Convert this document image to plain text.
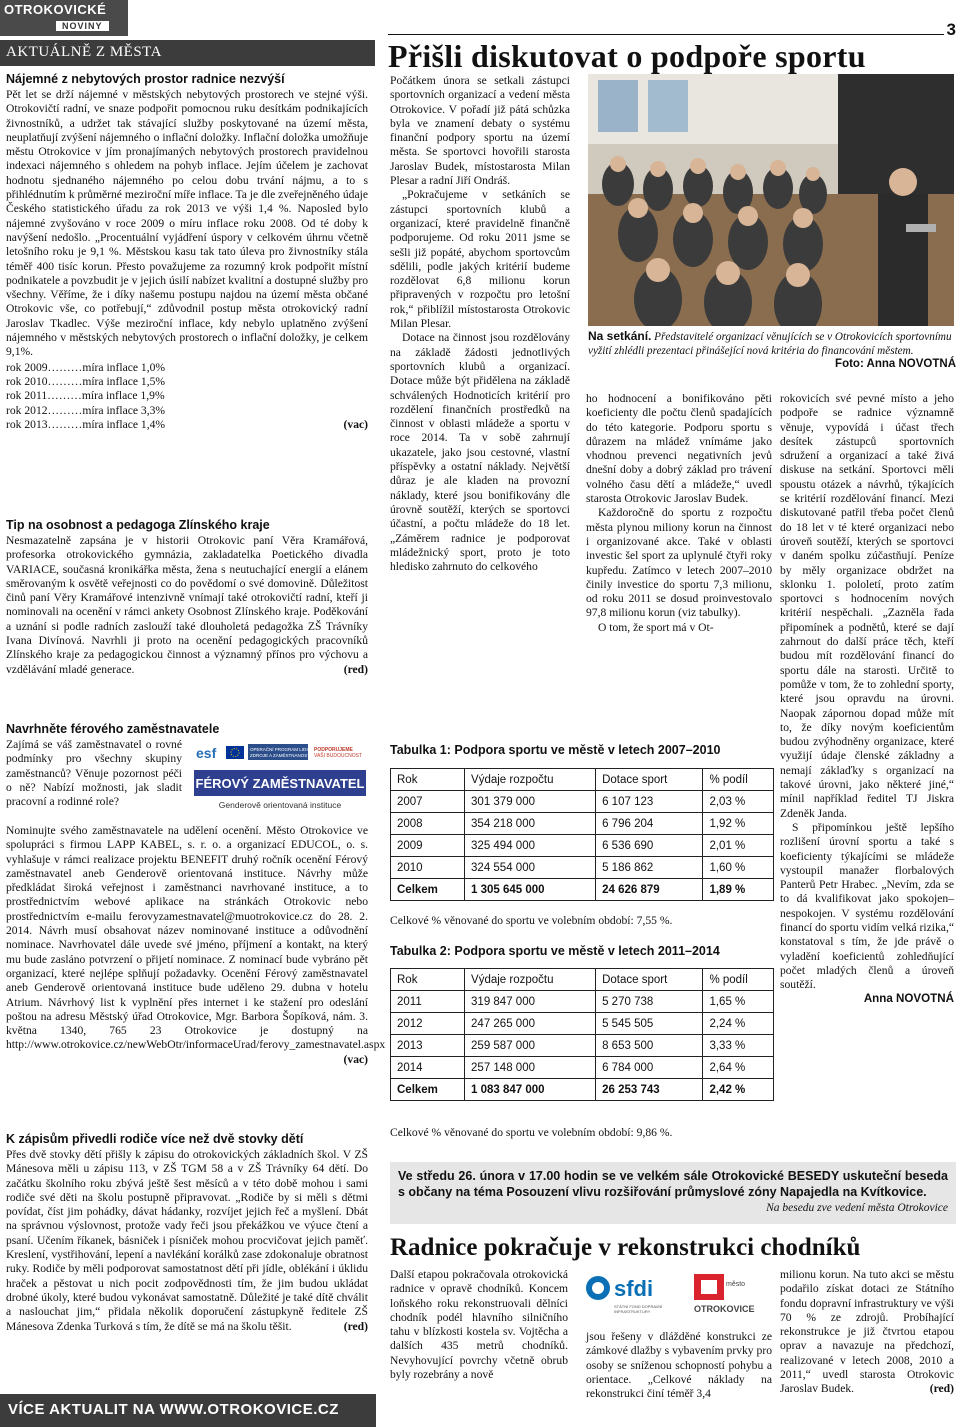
OTROKOVICKÉ
NOVINY
AKTUÁLNĚ Z MĚSTA
3
Přišli diskutovat o podpoře sportu
Nájemné z nebytových prostor radnice nezvýší

Pět let se drží nájemné v městských nebytových prostorech ve stejné výši. Otrokovičtí radní, ve snaze podpořit pomocnou ruku desítkám podnikajících živnostníků, a udržet tak stávající služby poskytované na území města, neuplatňují zvýšení nájemného o inflační doložky. Inflační doložka umožňuje městu Otrokovice v jím pronajímaných nebytových prostorech pravidelnou indexaci nájemného s ohledem na pohyb inflace. Jejím účelem je zachovat hodnotu sjednaného nájemného po celou dobu trvání nájmu, a to s přihlédnutím k průměrné meziroční míře inflace. Ta je dle zveřejněného údaje Českého statistického úřadu za rok 2013 ve výši 1,4 %. Naposled bylo nájemné zvyšováno v roce 2009 o míru inflace roku 2008. Od té doby k navýšení nedošlo. „Procentuální vyjádření úspory v celkovém úhrnu včetně letošního roku je 9,1 %. Městskou kasu tak tato úleva pro živnostníky stála téměř 400 tisíc korun. Přesto považujeme za rozumný krok podpořit místní podnikatele a povzbudit je v jejich úsilí nabízet kvalitní a dostupné služby pro všechny. Věříme, že i díky našemu postupu najdou na území města občané Otrokovic vše, co potřebují,“ zdůvodnil postup města otrokovický radní Jaroslav Tkadlec. Výše meziroční inflace, kdy nebylo uplatněno zvýšení nájemného v městských nebytových prostorech o inflační doložky, je celkem 9,1%.

rok 2009………míra inflace 1,0%
rok 2010………míra inflace 1,5%
rok 2011………míra inflace 1,9%
rok 2012………míra inflace 3,3%
rok 2013………míra inflace 1,4%	(vac)
Tip na osobnost a pedagoga Zlínského kraje

Nesmazatelně zapsána je v historii Otrokovic paní Věra Kramářová, profesorka otrokovického gymnázia, zakladatelka Poetického divadla VARIACE, současná kronikářka města, žena s neutuchající energií a elánem směrovaným k osvětě veřejnosti co do povědomí o své domovině. Důležitost činů paní Věry Kramářové intenzivně vnímají také otrokovičtí radní, kteří ji nominovali na ocenění v rámci ankety Osobnost Zlínského kraje. Poděkování a uznání si podle radních zaslouží také dlouholetá pedagožka ZŠ Trávníky Ivana Divínová. Navrhli ji proto na ocenění pedagogických pracovníků Zlínského kraje za pedagogickou činnost a významný přínos pro výchovu a vzdělávání mladé generace.	(red)

Navrhněte férového zaměstnavatele

Zajímá se váš zaměstnavatel o rovné podmínky pro všechny skupiny zaměstnanců? Věnuje pozornost péči o ně? Nabízí možnosti, jak sladit pracovní a rodinné role?

esf	OPERAČNÍ PROGRAM LIDSKÉ
ZDROJE A ZAMĚSTNANOST
PODPORUJEME
VAŠI BUDOUCNOST
FÉROVÝ ZAMĚSTNAVATEL
Genderově orientovaná instituce

Nominujte svého zaměstnavatele na udělení ocenění. Město Otrokovice ve spolupráci s firmou LAPP KABEL, s. r. o. a organizací EDUCOL, o. s. vyhlašuje v rámci realizace projektu BENEFIT druhý ročník ocenění Férový zaměstnavatel aneb Genderově orientovaná instituce. Návrhy může předkládat široká veřejnost i zaměstnanci navrhované instituce, a to prostřednictvím webové aplikace na stránkách Otrokovic nebo prostřednictvím e-mailu ferovyzamestnavatel@muotrokovice.cz do 28. 2. 2014. Návrh musí obsahovat název nominované instituce a odůvodnění nominace. Navrhovatel dále uvede své jméno, příjmení a kontakt, na který mu bude zasláno potvrzení o přijetí nominace. Z nominací bude vybráno pět organizací, které nejlépe splňují požadavky. Ocenění Férový zaměstnavatel aneb Genderově orientovaná instituce bude uděleno 29. dubna v hotelu Atrium. Návrhový list k vyplnění přes internet i ke stažení pro odeslání poštou na adresu Městský úřad Otrokovice, Mgr. Barbora Šopíková, nám. 3. května 1340, 765 23 Otrokovice je dostupný na http://www.otrokovice.cz/newWebOtr/informaceUrad/ferovy_zamestnavatel.aspx
(vac)

K zápisům přivedli rodiče více než dvě stovky dětí

Přes dvě stovky dětí přišly k zápisu do otrokovických základních škol. V ZŠ Mánesova měli u zápisu 113, v ZŠ TGM 58 a v ZŠ Trávníky 64 dětí. Do začátku školního roku zbývá ještě šest měsíců a v této době mohou i sami rodiče své děti na školu postupně připravovat. „Rodiče by si měli s dětmi povídat, číst jim pohádky, dávat hádanky, rozvíjet jejich řeč a myšlení. Dbát na správnou výslovnost, protože vady řeči jsou překážkou ve výuce čtení a psaní. Učením říkanek, básniček i písniček mohou procvičovat jejich paměť. Kreslení, vystřihování, lepení a navlékání korálků zase zdokonaluje obratnost ruky. Rodiče by měli podporovat samostatnost dětí při jídle, oblékání i úklidu hraček a pěstovat u nich pocit zodpovědnosti tím, že jim budou ukládat drobné úkoly, které budou vykonávat samostatně. Důležité je také dítě chválit a naslouchat jim,“ přidala několik doporučení zástupkyně ředitele ZŠ Mánesova Zdenka Turková s tím, že dítě se má na školu těšit.	(red)

VÍCE AKTUALIT NA WWW.OTROKOVICE.CZ

Počátkem února se setkali zástupci sportovních organizací a vedení města Otrokovice. V pořadí již pátá schůzka byla ve znamení debaty o systému finanční podpory sportu na území města. Se sportovci hovořili starosta Jaroslav Budek, místostarosta Milan Plesar a radní Jiří Ondráš.

„Pokračujeme v setkáních se zástupci sportovních klubů a organizací, které pravidelně finančně podporujeme. Od roku 2011 jsme se sešli již popáté, abychom sportovcům sdělili, podle jakých kritérií budeme rozdělovat 6,8 milionu korun připravených v rozpočtu pro letošní rok,“ přiblížil místostarosta Otrokovic Milan Plesar.

Dotace na činnost jsou rozdělovány na základě žádosti jednotlivých sportovních klubů a organizací. Dotace může být přidělena na základě schválených Hodnoticích kritérií pro rozdělení finančních prostředků na činnost v oblasti mládeže a sportu v roce 2014. Ta v sobě zahrnují ukazatele, jako jsou cestovné, vlastní příspěvky a ostatní náklady. Největší důraz je ale kladen na provozní náklady, které jsou bonifikovány dle úrovně soutěží, kterých se sportovci účastní, a počtu mládeže do 18 let. „Záměrem radnice je podporovat mládežnický sport, proto je toto hledisko zahrnuto do celkového

Na setkání. Představitelé organizací věnujících se v Otrokovicích sportovnímu vyžití zhlédli prezentaci přinášející nová kritéria do financování městem.
Foto: Anna NOVOTNÁ

ho hodnocení a bonifikováno pěti koeficienty dle počtu členů spadajících do této kategorie. Podporu sportu s důrazem na mládež vnímáme jako vhodnou prevenci negativních jevů dnešní doby a dobrý základ pro trávení volného času dětí a mládeže,“ uvedl starosta Otrokovic Jaroslav Budek.

Každoročně do sportu z rozpočtu města plynou miliony korun na činnost i organizované akce. Také v oblasti investic šel sport za uplynulé čtyři roky kupředu. Zatímco v letech 2007–2010 činily investice do sportu 7,3 milionu, od roku 2011 se dosud proinvestovalo 97,8 milionu korun (viz tabulky).

O tom, že sport má v Ot-

rokovicích své pevné místo a jeho podpoře se radnice významně věnuje, vypovídá i účast třech desítek zástupců sportovních sdružení a organizací a také živá diskuse na setkání. Sportovci měli spoustu otázek a návrhů, týkajících se kritérií rozdělování financí. Mezi diskutované patřil třeba počet členů do 18 let v té které organizaci nebo úroveň soutěží, kterých se sportovci v daném spolku zúčastňují. Peníze by měly organizace obdržet na sklonku 1. pololetí, proto zatím sportovci s hodnocením nových kritérií nespěchali. „Zazněla řada připomínek a podnětů, které se dají zahrnout do další práce těch, kteří budou mít rozdělování financí do sportu dále na starosti. Určitě to pomůže v tom, že to zohlední sporty, které jsou opravdu na úrovni. Naopak zápornou dopad může mít to, že díky novým koeficientům budou zvýhodněny organizace, které využijí údaje členské základny a nemají záklaďky s organizací na takové úrovni, jako některé jiné,“ mínil například ředitel TJ Jiskra Zdeněk Janda.

S připomínkou ještě lepšího rozlišení úrovní sportu a také s koeficienty týkajícími se mládeže vystoupil manažer florbalových Panterů Petr Hrabec. „Nevím, zda se to dá kvalifikovat jako spokojen–nespokojen. V systému rozdělování financí do sportu vidím velká rizika,“ konstatoval s tím, že jde právě o vyladění koeficientů zohledňující počet mladých členů a úroveň soutěží.

Anna NOVOTNÁ
Tabulka 1: Podpora sportu ve městě v letech 2007–2010
Rok	Výdaje rozpočtu	Dotace sport	% podíl
2007	301 379 000	6 107 123	2,03 %
2008	354 218 000	6 796 204	1,92 %
2009	325 494 000	6 536 690	2,01 %
2010	324 554 000	5 186 862	1,60 %
Celkem	1 305 645 000	24 626 879	1,89 %
Celkové % věnované do sportu ve volebním období: 7,55 %.
Tabulka 2: Podpora sportu ve městě v letech 2011–2014
Rok	Výdaje rozpočtu	Dotace sport	% podíl
2011	319 847 000	5 270 738	1,65 %
2012	247 265 000	5 545 505	2,24 %
2013	259 587 000	8 653 500	3,33 %
2014	257 148 000	6 784 000	2,64 %
Celkem	1 083 847 000	26 253 743	2,42 %
Celkové % věnované do sportu ve volebním období: 9,86 %.
Ve středu 26. února v 17.00 hodin se ve velkém sále Otrokovické BESEDY uskuteční beseda s občany na téma Posouzení vlivu rozšiřování průmyslové zóny Napajedla na Kvítkovice.
Na besedu zve vedení města Otrokovice
Radnice pokračuje v rekonstrukci chodníků

Další etapou pokračovala otrokovická radnice v opravě chodníků. Koncem loňského roku rekonstruovali dělníci chodník podél hlavního silničního tahu v blízkosti kostela sv. Vojtěcha a dalších 435 metrů chodníků. Nevyhovující povrchy včetně obrub byly rozebrány a nově

sfdi
STÁTNÍ FOND DOPRAVNÍ
INFRASTRUKTURY
město
OTROKOVICE

jsou řešeny v dlážděné konstrukci ze zámkové dlažby s vybavením prvky pro osoby se sníženou schopností pohybu a orientace. „Celkové náklady na rekonstrukci činí téměř 3,4

milionu korun. Na tuto akci se městu podařilo získat dotaci ze Státního fondu dopravní infrastruktury ve výši 70 % ze zdrojů. Probíhající rekonstrukce je již čtvrtou etapou oprav a navazuje na předchozí, realizované v letech 2008, 2010 a 2011,“ uvedl starosta Otrokovic Jaroslav Budek.	(red)
